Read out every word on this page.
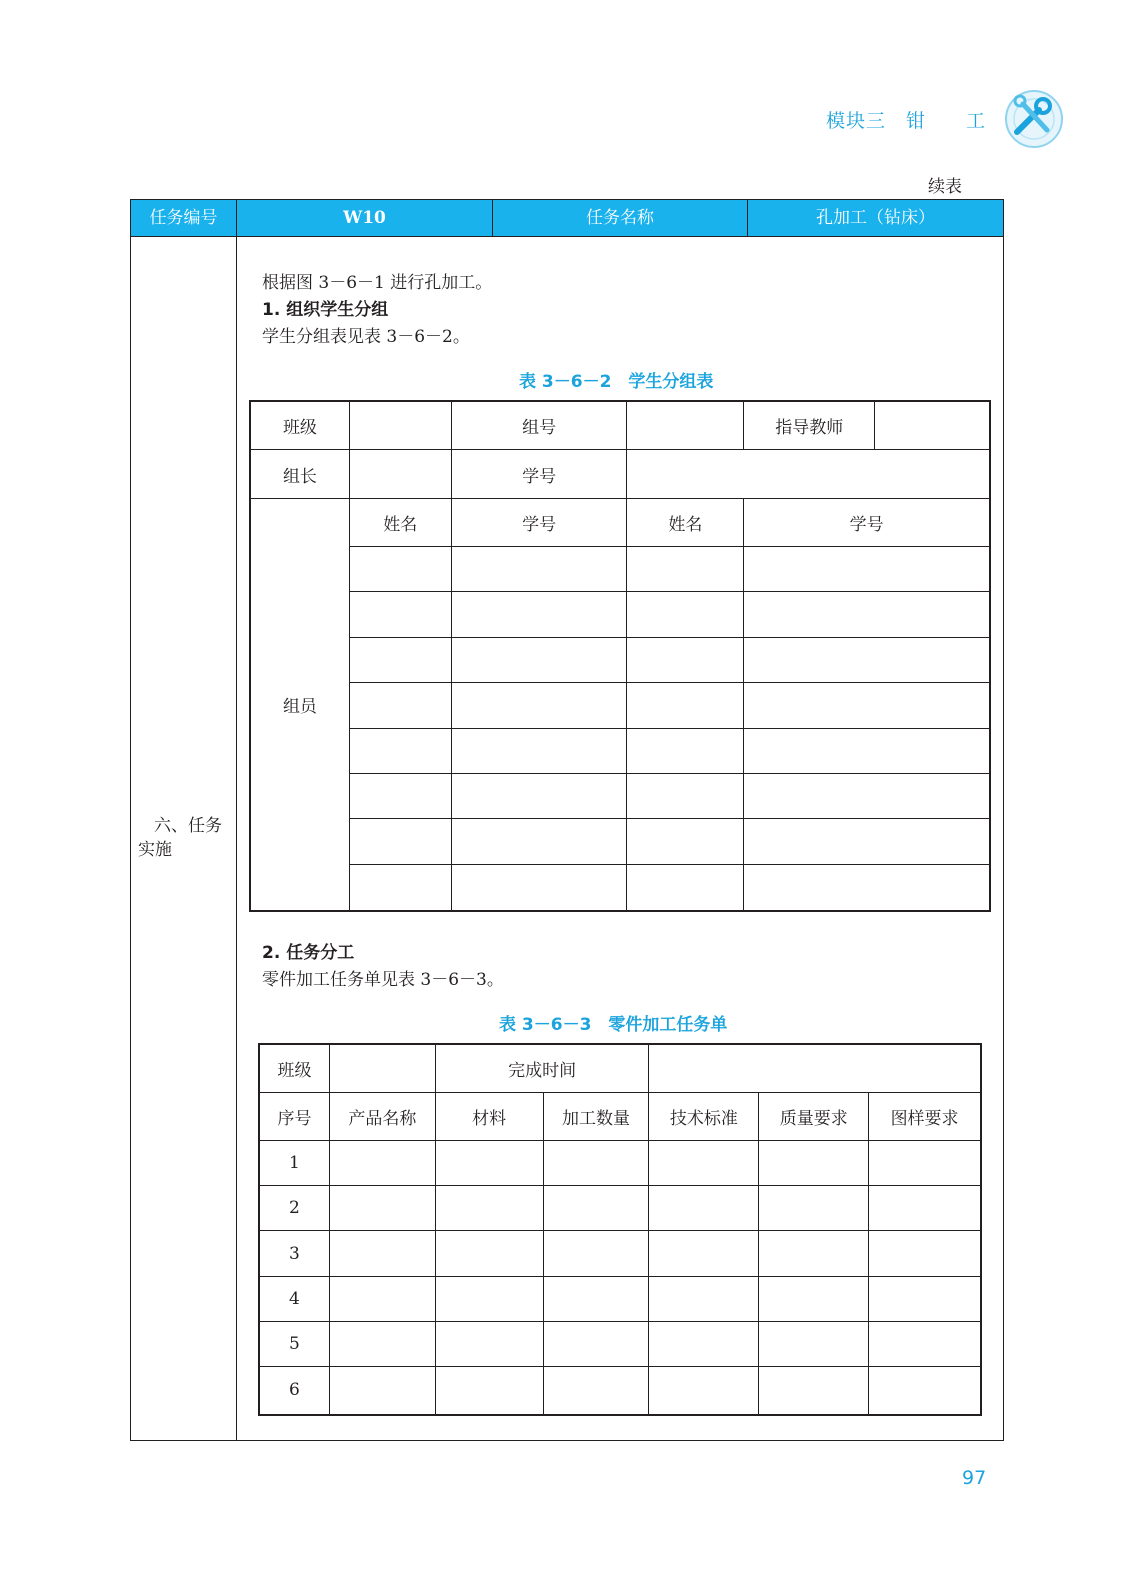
模块三　钳　　工
续表
任务编号	W10	任务名称	孔加工（钻床）
六、任务
实施
根据图 3－6－1 进行孔加工。
1. 组织学生分组
学生分组表见表 3－6－2。
表 3－6－2　学生分组表
班级		组号		指导教师	
组长		学号			
组员	姓名	学号	姓名	学号	

2. 任务分工
零件加工任务单见表 3－6－3。
表 3－6－3　零件加工任务单
班级		完成时间				
序号	产品名称	材料	加工数量	技术标准	质量要求	图样要求
1						
2						
3						
4						
5						
6						
97
